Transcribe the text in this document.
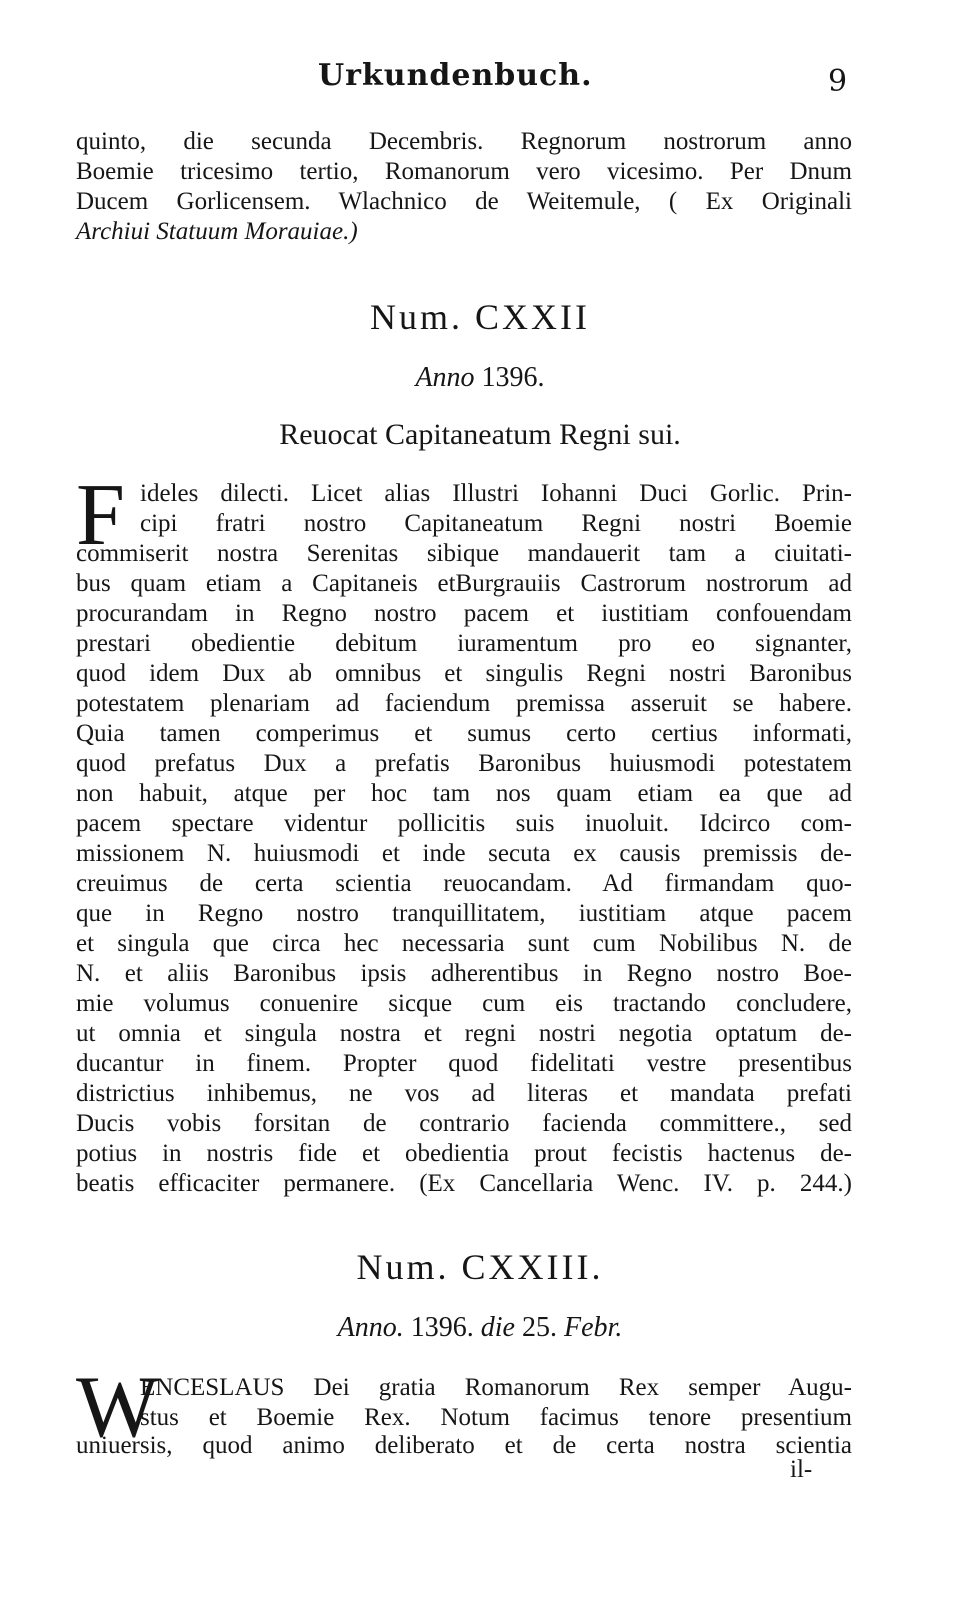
Urkundenbuch.	9
quinto, die secunda Decembris. Regnorum nostrorum anno
Boemie tricesimo tertio, Romanorum vero vicesimo. Per Dnum
Ducem Gorlicensem. Wlachnico de Weitemule, ( Ex Originali
Archiui Statuum Morauiae.)
Num. CXXII
Anno 1396.
Reuocat Capitaneatum Regni sui.
F ideles dilecti. Licet alias Illustri Iohanni Duci Gorlic. Prin-
cipi fratri nostro Capitaneatum Regni nostri Boemie
commiserit nostra Serenitas sibique mandauerit tam a ciuitati-
bus quam etiam a Capitaneis etBurgrauiis Castrorum nostrorum ad
procurandam in Regno nostro pacem et iustitiam confouendam
prestari obedientie debitum iuramentum pro eo signanter,
quod idem Dux ab omnibus et singulis Regni nostri Baronibus
potestatem plenariam ad faciendum premissa asseruit se habere.
Quia tamen comperimus et sumus certo certius informati,
quod prefatus Dux a prefatis Baronibus huiusmodi potestatem
non habuit, atque per hoc tam nos quam etiam ea que ad
pacem spectare videntur pollicitis suis inuoluit. Idcirco com-
missionem N. huiusmodi et inde secuta ex causis premissis de-
creuimus de certa scientia reuocandam. Ad firmandam quo-
que in Regno nostro tranquillitatem, iustitiam atque pacem
et singula que circa hec necessaria sunt cum Nobilibus N. de
N. et aliis Baronibus ipsis adherentibus in Regno nostro Boe-
mie volumus conuenire sicque cum eis tractando concludere,
ut omnia et singula nostra et regni nostri negotia optatum de-
ducantur in finem. Propter quod fidelitati vestre presentibus
districtius inhibemus, ne vos ad literas et mandata prefati
Ducis vobis forsitan de contrario facienda committere., sed
potius in nostris fide et obedientia prout fecistis hactenus de-
beatis efficaciter permanere. (Ex Cancellaria Wenc. IV. p. 244.)
Num. CXXIII.
Anno. 1396. die 25. Febr.
W
ENCESLAUS Dei gratia Romanorum Rex semper Augu-
stus et Boemie Rex. Notum facimus tenore presentium
uniuersis, quod animo deliberato et de certa nostra scientia
il-
